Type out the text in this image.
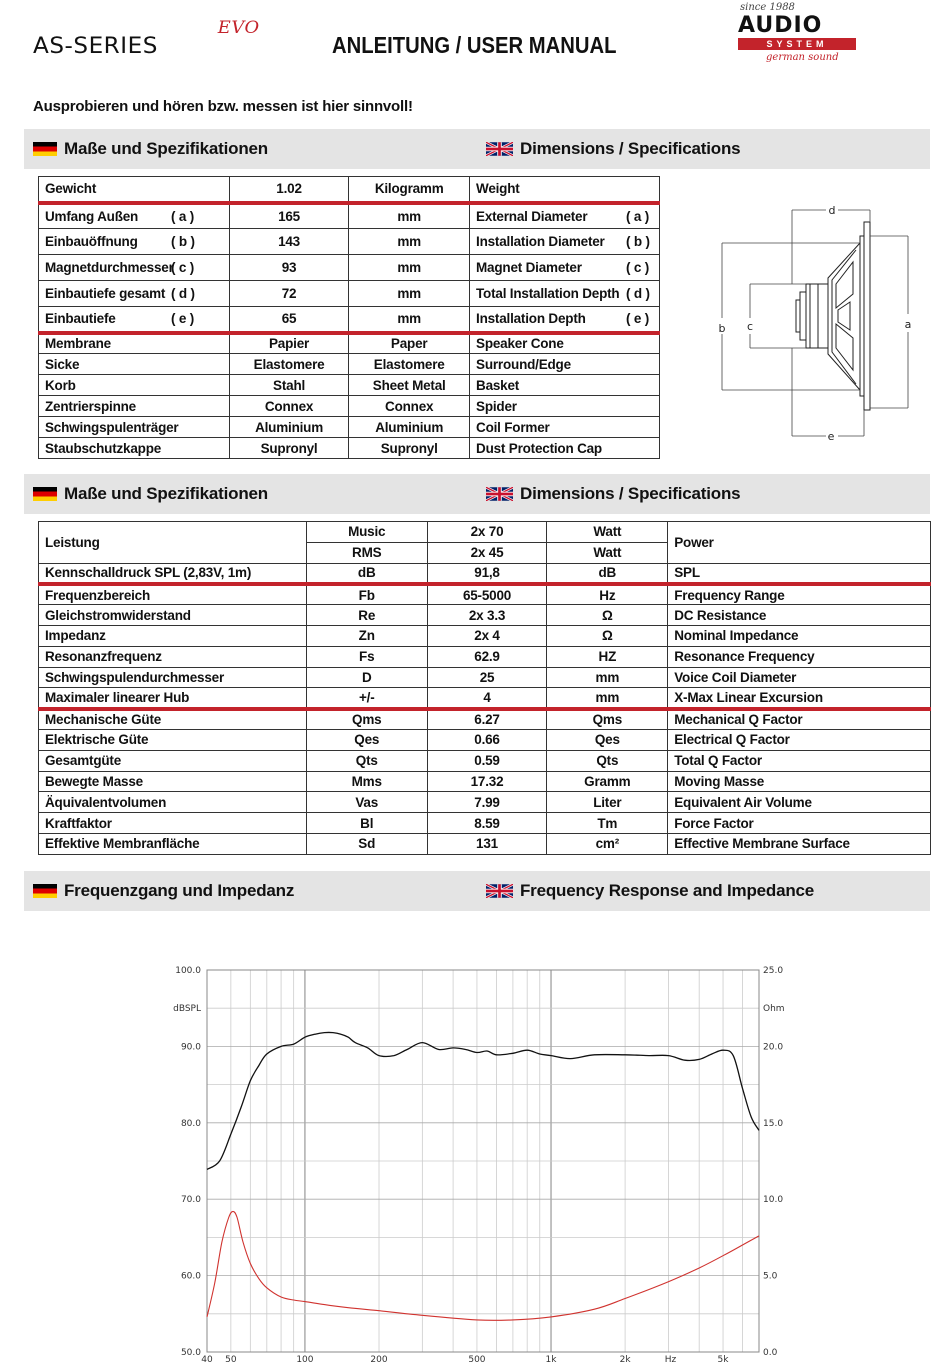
AS-SERIES
EVO
ANLEITUNG / USER MANUAL
since 1988
AUDIO
SYSTEM
german sound
Ausprobieren und hören bzw. messen ist hier sinnvoll!
Maße und Spezifikationen	Dimensions / Specifications
Gewicht	1.02	Kilogramm	Weight
Umfang Außen ( a )	165	mm	External Diameter ( a )
Einbauöffnung ( b )	143	mm	Installation Diameter ( b )
Magnetdurchmesser( c )	93	mm	Magnet Diameter ( c )
Einbautiefe gesamt ( d )	72	mm	Total Installation Depth ( d )
Einbautiefe ( e )	65	mm	Installation Depth ( e )
Membrane	Papier	Paper	Speaker Cone
Sicke	Elastomere	Elastomere	Surround/Edge
Korb	Stahl	Sheet Metal	Basket
Zentrierspinne	Connex	Connex	Spider
Schwingspulenträger	Aluminium	Aluminium	Coil Former
Staubschutzkappe	Supronyl	Supronyl	Dust Protection Cap
a
b c
d
e
Maße und Spezifikationen	Dimensions / Specifications
Leistung	Music	2x 70	Watt	Power
	RMS	2x 45	Watt	
Kennschalldruck SPL (2,83V, 1m)	dB	91,8	dB	SPL
Frequenzbereich	Fb	65-5000	Hz	Frequency Range
Gleichstromwiderstand	Re	2x 3.3	Ω	DC Resistance
Impedanz	Zn	2x 4	Ω	Nominal Impedance
Resonanzfrequenz	Fs	62.9	HZ	Resonance Frequency
Schwingspulendurchmesser	D	25	mm	Voice Coil Diameter
Maximaler linearer Hub	+/-	4	mm	X-Max Linear Excursion
Mechanische Güte	Qms	6.27	Qms	Mechanical Q Factor
Elektrische Güte	Qes	0.66	Qes	Electrical Q Factor
Gesamtgüte	Qts	0.59	Qts	Total Q Factor
Bewegte Masse	Mms	17.32	Gramm	Moving Masse
Äquivalentvolumen	Vas	7.99	Liter	Equivalent Air Volume
Kraftfaktor	Bl	8.59	Tm	Force Factor
Effektive Membranfläche	Sd	131	cm²	Effective Membrane Surface
Frequenzgang und Impedanz	Frequency Response and Impedance
100.0
90.0
80.0
70.0
60.0
50.0
dBSPL
25.0
20.0
15.0
10.0
5.0
0.0
Ohm
40 50	100	200	500	1k	2k	5k
Hz
